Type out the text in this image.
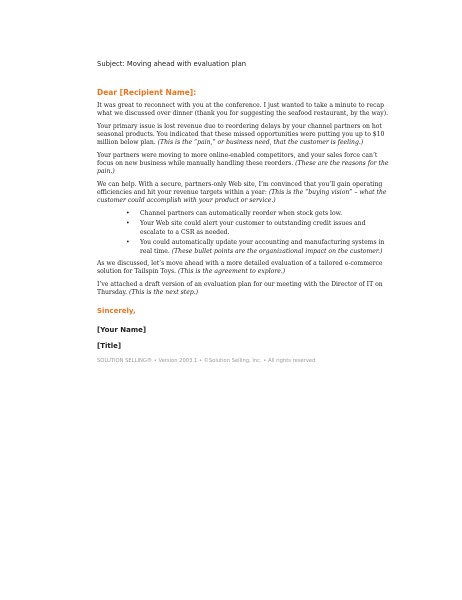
Subject: Moving ahead with evaluation plan

Dear [Recipient Name]:

It was great to reconnect with you at the conference. I just wanted to take a minute to recap what we discussed over dinner (thank you for suggesting the seafood restaurant, by the way).

Your primary issue is lost revenue due to reordering delays by your channel partners on hot seasonal products. You indicated that these missed opportunities were putting you up to $10 million below plan. (This is the “pain,” or business need, that the customer is feeling.)

Your partners were moving to more online-enabled competitors, and your sales force can’t focus on new business while manually handling these reorders. (These are the reasons for the pain.)

We can help. With a secure, partners-only Web site, I’m convinced that you’ll gain operating efficiencies and hit your revenue targets within a year: (This is the “buying vision” – what the customer could accomplish with your product or service.)

• Channel partners can automatically reorder when stock gets low.
• Your Web site could alert your customer to outstanding credit issues and escalate to a CSR as needed.
• You could automatically update your accounting and manufacturing systems in real time. (These bullet points are the organizational impact on the customer.)

As we discussed, let’s move ahead with a more detailed evaluation of a tailored e-commerce solution for Tailspin Toys. (This is the agreement to explore.)

I’ve attached a draft version of an evaluation plan for our meeting with the Director of IT on Thursday. (This is the next step.)

Sincerely,

[Your Name]

[Title]

SOLUTION SELLING® • Version 2003.1 • ©Solution Selling, Inc. • All rights reserved
